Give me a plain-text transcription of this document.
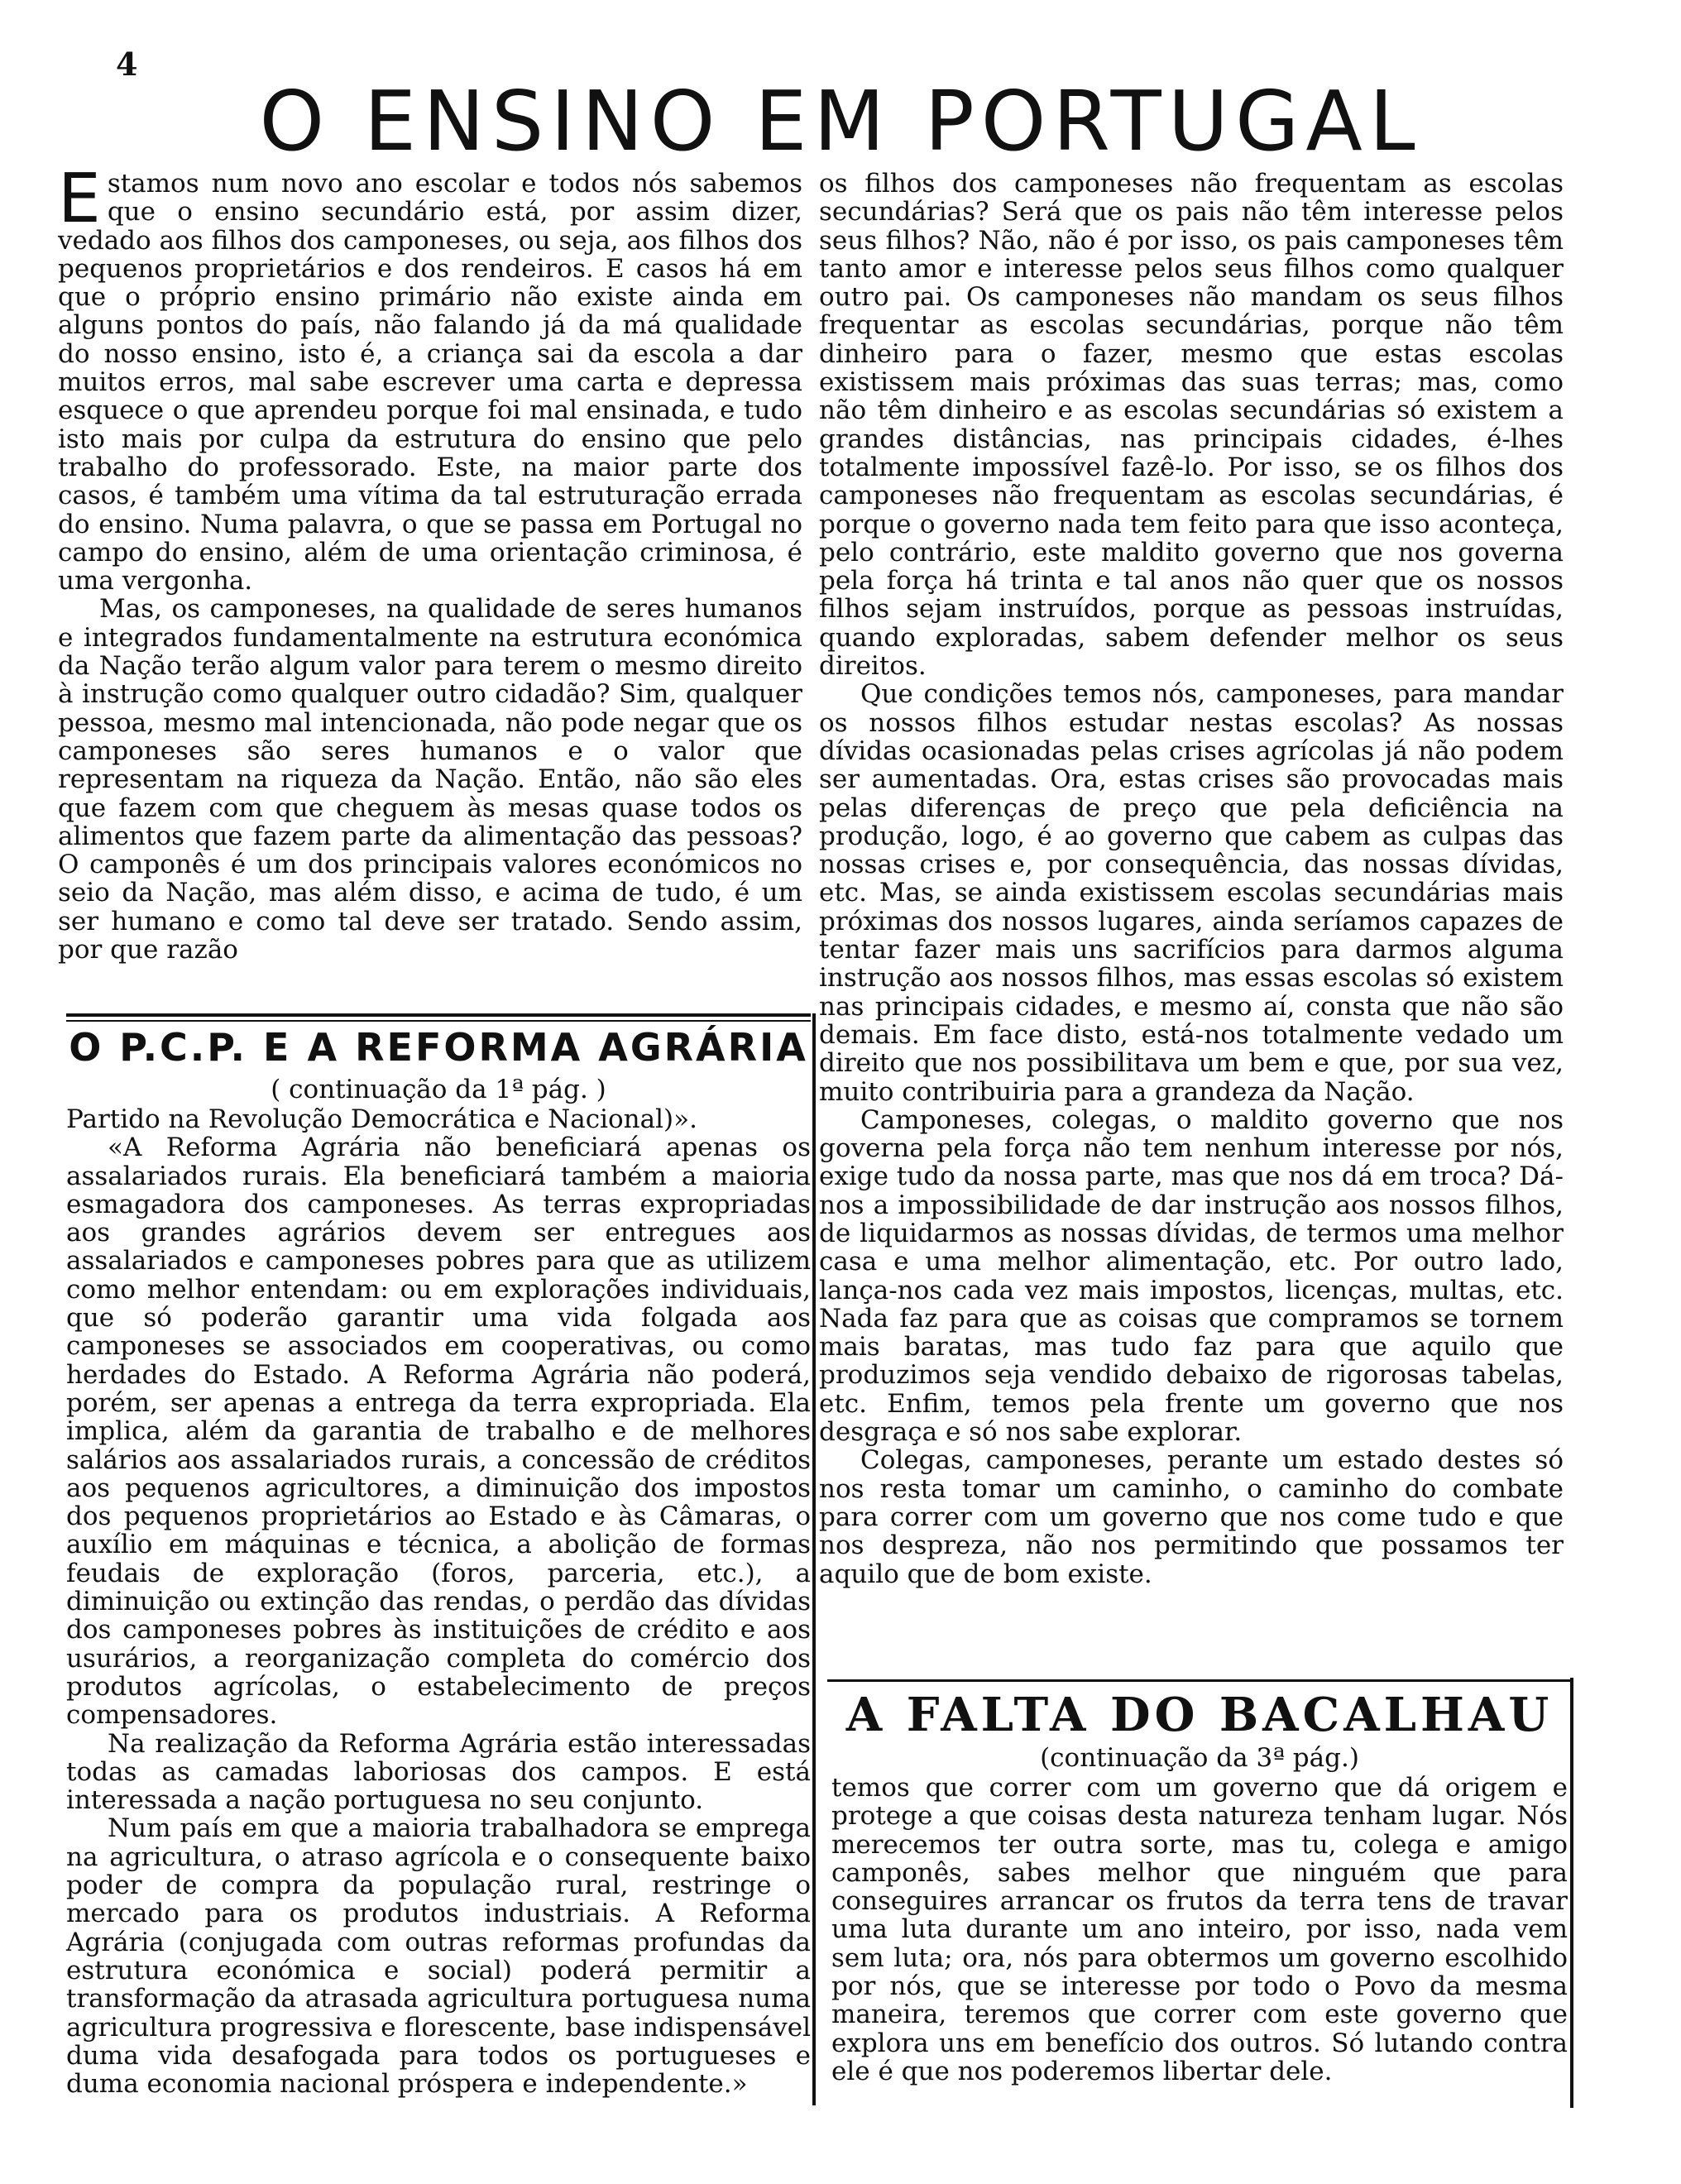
4
O ENSINO EM PORTUGAL

Estamos num novo ano escolar e todos nós sabemos que o ensino secundário está, por assim dizer, vedado aos filhos dos camponeses, ou seja, aos filhos dos pequenos proprietários e dos rendeiros. E casos há em que o próprio ensino primário não existe ainda em alguns pontos do país, não falando já da má qualidade do nosso ensino, isto é, a criança sai da escola a dar muitos erros, mal sabe escrever uma carta e depressa esquece o que aprendeu porque foi mal ensinada, e tudo isto mais por culpa da estrutura do ensino que pelo trabalho do professorado. Este, na maior parte dos casos, é também uma vítima da tal estruturação errada do ensino. Numa palavra, o que se passa em Portugal no campo do ensino, além de uma orientação criminosa, é uma vergonha.

Mas, os camponeses, na qualidade de seres humanos e integrados fundamentalmente na estrutura económica da Nação terão algum valor para terem o mesmo direito à instrução como qualquer outro cidadão? Sim, qualquer pessoa, mesmo mal intencionada, não pode negar que os camponeses são seres humanos e o valor que representam na riqueza da Nação. Então, não são eles que fazem com que cheguem às mesas quase todos os alimentos que fazem parte da alimentação das pessoas? O camponês é um dos principais valores económicos no seio da Nação, mas além disso, e acima de tudo, é um ser humano e como tal deve ser tratado. Sendo assim, por que razão

os filhos dos camponeses não frequentam as escolas secundárias? Será que os pais não têm interesse pelos seus filhos? Não, não é por isso, os pais camponeses têm tanto amor e interesse pelos seus filhos como qualquer outro pai. Os camponeses não mandam os seus filhos frequentar as escolas secundárias, porque não têm dinheiro para o fazer, mesmo que estas escolas existissem mais próximas das suas terras; mas, como não têm dinheiro e as escolas secundárias só existem a grandes distâncias, nas principais cidades, é-lhes totalmente impossível fazê-lo. Por isso, se os filhos dos camponeses não frequentam as escolas secundárias, é porque o governo nada tem feito para que isso aconteça, pelo contrário, este maldito governo que nos governa pela força há trinta e tal anos não quer que os nossos filhos sejam instruídos, porque as pessoas instruídas, quando exploradas, sabem defender melhor os seus direitos.

Que condições temos nós, camponeses, para mandar os nossos filhos estudar nestas escolas? As nossas dívidas ocasionadas pelas crises agrícolas já não podem ser aumentadas. Ora, estas crises são provocadas mais pelas diferenças de preço que pela deficiência na produção, logo, é ao governo que cabem as culpas das nossas crises e, por consequência, das nossas dívidas, etc. Mas, se ainda existissem escolas secundárias mais próximas dos nossos lugares, ainda seríamos capazes de tentar fazer mais uns sacrifícios para darmos alguma instrução aos nossos filhos, mas essas escolas só existem nas principais cidades, e mesmo aí, consta que não são demais. Em face disto, está-nos totalmente vedado um direito que nos possibilitava um bem e que, por sua vez, muito contribuiria para a grandeza da Nação.

Camponeses, colegas, o maldito governo que nos governa pela força não tem nenhum interesse por nós, exige tudo da nossa parte, mas que nos dá em troca? Dá-nos a impossibilidade de dar instrução aos nossos filhos, de liquidarmos as nossas dívidas, de termos uma melhor casa e uma melhor alimentação, etc. Por outro lado, lança-nos cada vez mais impostos, licenças, multas, etc. Nada faz para que as coisas que compramos se tornem mais baratas, mas tudo faz para que aquilo que produzimos seja vendido debaixo de rigorosas tabelas, etc. Enfim, temos pela frente um governo que nos desgraça e só nos sabe explorar.

Colegas, camponeses, perante um estado destes só nos resta tomar um caminho, o caminho do combate para correr com um governo que nos come tudo e que nos despreza, não nos permitindo que possamos ter aquilo que de bom existe.

O P.C.P. E A REFORMA AGRÁRIA
( continuação da 1ª pág. )

Partido na Revolução Democrática e Nacional)».

«A Reforma Agrária não beneficiará apenas os assalariados rurais. Ela beneficiará também a maioria esmagadora dos camponeses. As terras expropriadas aos grandes agrários devem ser entregues aos assalariados e camponeses pobres para que as utilizem como melhor entendam: ou em explorações individuais, que só poderão garantir uma vida folgada aos camponeses se associados em cooperativas, ou como herdades do Estado. A Reforma Agrária não poderá, porém, ser apenas a entrega da terra expropriada. Ela implica, além da garantia de trabalho e de melhores salários aos assalariados rurais, a concessão de créditos aos pequenos agricultores, a diminuição dos impostos dos pequenos proprietários ao Estado e às Câmaras, o auxílio em máquinas e técnica, a abolição de formas feudais de exploração (foros, parceria, etc.), a diminuição ou extinção das rendas, o perdão das dívidas dos camponeses pobres às instituições de crédito e aos usurários, a reorganização completa do comércio dos produtos agrícolas, o estabelecimento de preços compensadores.

Na realização da Reforma Agrária estão interessadas todas as camadas laboriosas dos campos. E está interessada a nação portuguesa no seu conjunto.

Num país em que a maioria trabalhadora se emprega na agricultura, o atraso agrícola e o consequente baixo poder de compra da população rural, restringe o mercado para os produtos industriais. A Reforma Agrária (conjugada com outras reformas profundas da estrutura económica e social) poderá permitir a transformação da atrasada agricultura portuguesa numa agricultura progressiva e florescente, base indispensável duma vida desafogada para todos os portugueses e duma economia nacional próspera e independente.»

A FALTA DO BACALHAU
(continuação da 3ª pág.)

temos que correr com um governo que dá origem e protege a que coisas desta natureza tenham lugar. Nós merecemos ter outra sorte, mas tu, colega e amigo camponês, sabes melhor que ninguém que para conseguires arrancar os frutos da terra tens de travar uma luta durante um ano inteiro, por isso, nada vem sem luta; ora, nós para obtermos um governo escolhido por nós, que se interesse por todo o Povo da mesma maneira, teremos que correr com este governo que explora uns em benefício dos outros. Só lutando contra ele é que nos poderemos libertar dele.
